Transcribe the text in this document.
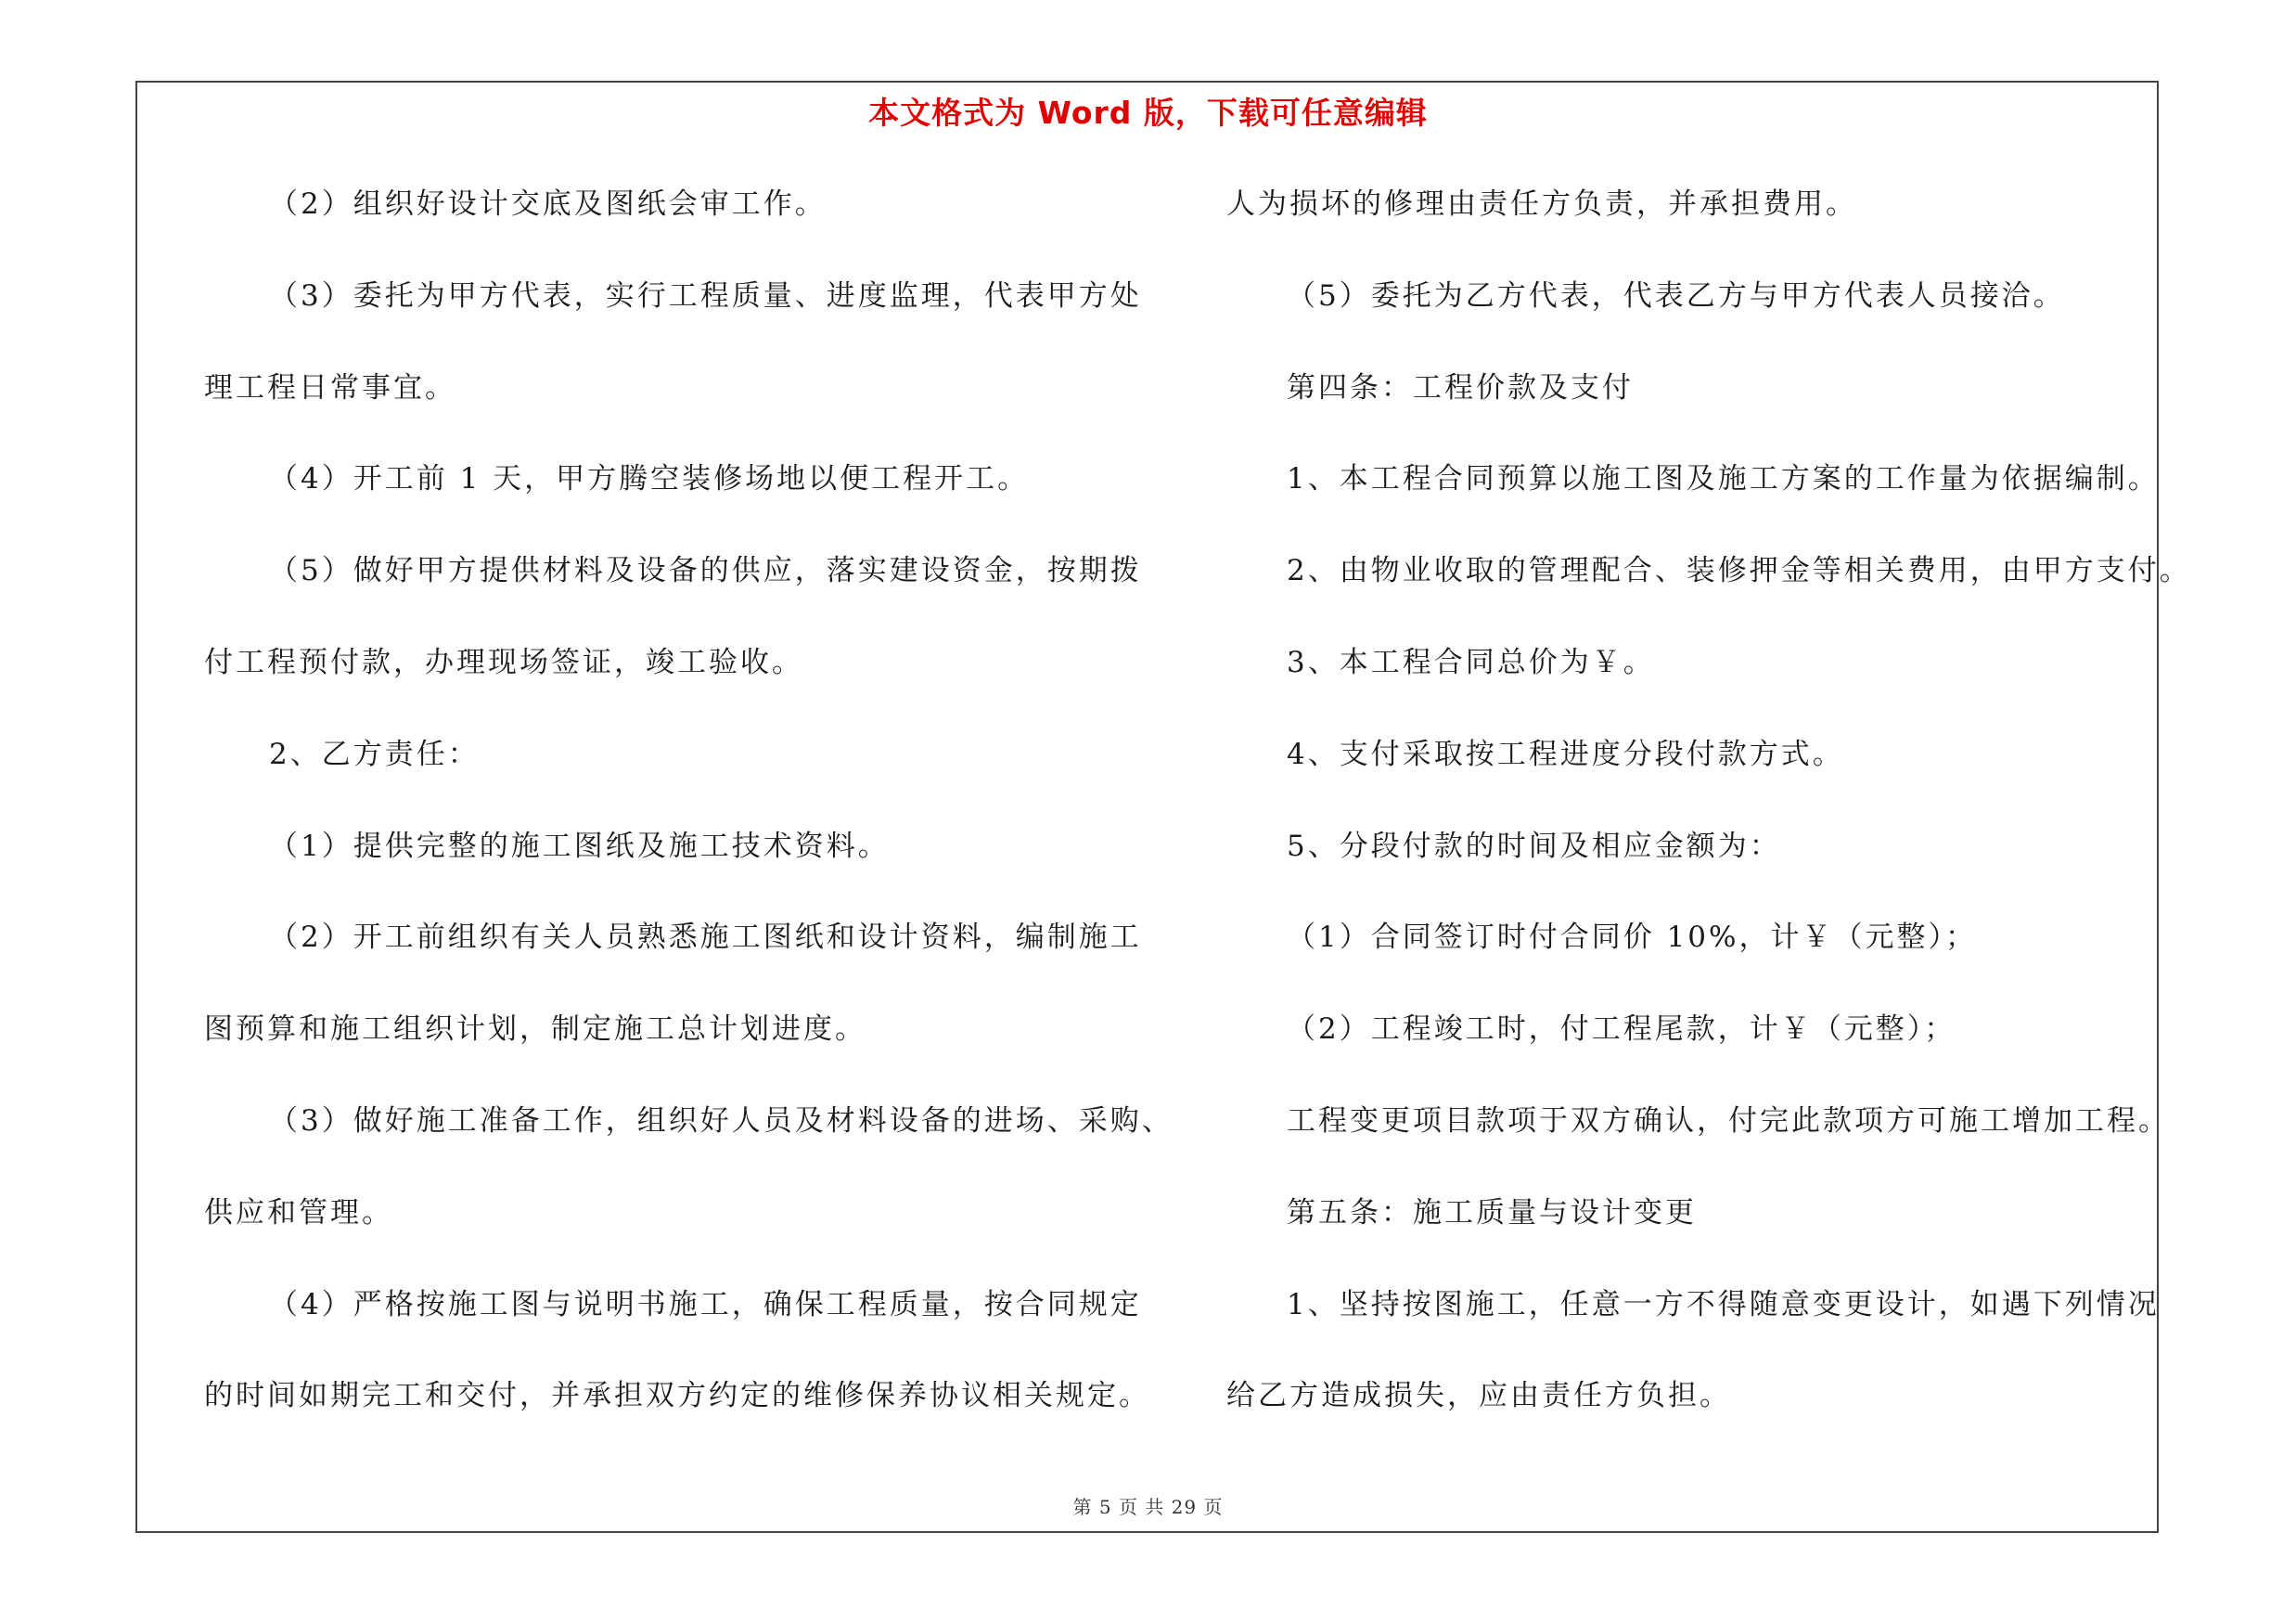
本文格式为 Word 版，下载可任意编辑
（2）组织好设计交底及图纸会审工作。
（3）委托为甲方代表，实行工程质量、进度监理，代表甲方处
理工程日常事宜。
（4）开工前 1 天，甲方腾空装修场地以便工程开工。
（5）做好甲方提供材料及设备的供应，落实建设资金，按期拨
付工程预付款，办理现场签证，竣工验收。
2、乙方责任：
（1）提供完整的施工图纸及施工技术资料。
（2）开工前组织有关人员熟悉施工图纸和设计资料，编制施工
图预算和施工组织计划，制定施工总计划进度。
（3）做好施工准备工作，组织好人员及材料设备的进场、采购、
供应和管理。
（4）严格按施工图与说明书施工，确保工程质量，按合同规定
的时间如期完工和交付，并承担双方约定的维修保养协议相关规定。
人为损坏的修理由责任方负责，并承担费用。
（5）委托为乙方代表，代表乙方与甲方代表人员接洽。
第四条：工程价款及支付
1、本工程合同预算以施工图及施工方案的工作量为依据编制。
2、由物业收取的管理配合、装修押金等相关费用，由甲方支付。
3、本工程合同总价为￥。
4、支付采取按工程进度分段付款方式。
5、分段付款的时间及相应金额为：
（1）合同签订时付合同价 10%，计￥（元整）；
（2）工程竣工时，付工程尾款，计￥（元整）；
工程变更项目款项于双方确认，付完此款项方可施工增加工程。
第五条：施工质量与设计变更
1、坚持按图施工，任意一方不得随意变更设计，如遇下列情况
给乙方造成损失，应由责任方负担。
第 5 页 共 29 页
